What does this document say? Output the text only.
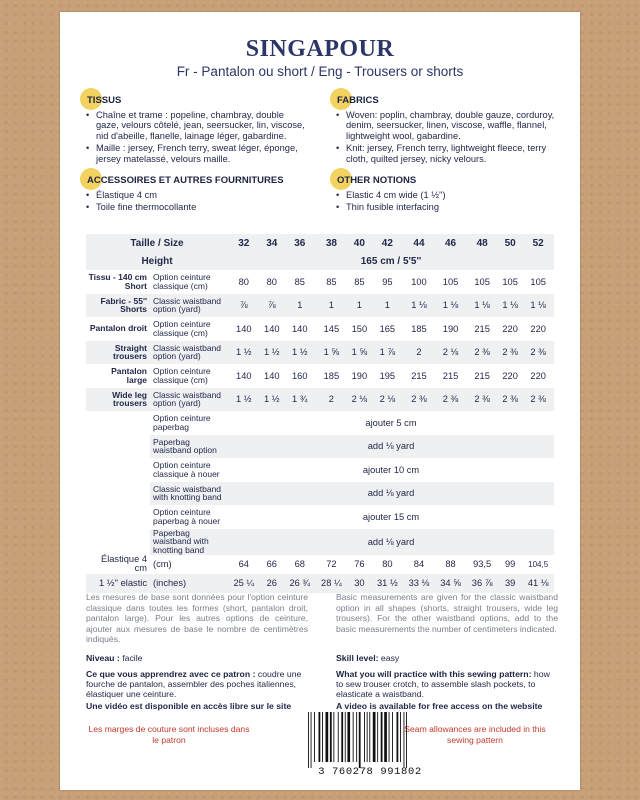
SINGAPOUR
Fr - Pantalon ou short / Eng - Trousers or shorts
TISSUS
• Chaîne et trame : popeline, chambray, double gaze, velours côtelé, jean, seersucker, lin, viscose, nid d'abeille, flanelle, lainage léger, gabardine.
• Maille : jersey, French terry, sweat léger, éponge, jersey matelassé, velours maille.
FABRICS
• Woven: poplin, chambray, double gauze, corduroy, denim, seersucker, linen, viscose, waffle, flannel, lightweight wool, gabardine.
• Knit: jersey, French terry, lightweight fleece, terry cloth, quilted jersey, nicky velours.
ACCESSOIRES ET AUTRES FOURNITURES
• Élastique 4 cm
• Toile fine thermocollante
OTHER NOTIONS
• Elastic 4 cm wide (1 ½'')
• Thin fusible interfacing
Taille / Size		32	34	36	38	40	42	44	46	48	50	52
Height		165 cm / 5'5''										
Tissu - 140 cm
Short	Option ceinture classique (cm)	80	80	85	85	85	95	100	105	105	105	105
Fabric - 55''
Shorts	Classic waistband option (yard)	⅞	⅞	1	1	1	1	1 ⅛	1 ⅛	1 ⅛	1 ⅛	1 ⅛
Pantalon droit	Option ceinture classique (cm)	140	140	140	145	150	165	185	190	215	220	220
Straight
trousers	Classic waistband option (yard)	1 ½	1 ½	1 ½	1 ⅝	1 ⅝	1 ⅞	2	2 ⅛	2 ⅜	2 ⅜	2 ⅜
Pantalon
large	Option ceinture classique (cm)	140	140	160	185	190	195	215	215	215	220	220
Wide leg
trousers	Classic waistband option (yard)	1 ½	1 ½	1 ¾	2	2 ⅛	2 ⅛	2 ⅜	2 ⅜	2 ⅜	2 ⅜	2 ⅜
	Option ceinture paperbag	ajouter 5 cm										
	Paperbag waistband option	add ⅛ yard										
	Option ceinture classique à nouer	ajouter 10 cm										
	Classic waistband with knotting band	add ⅛ yard										
	Option ceinture paperbag à nouer	ajouter 15 cm										
	Paperbag waistband with knotting band	add ⅛ yard										
Élastique 4 cm	(cm)	64	66	68	72	76	80	84	88	93,5	99	104,5
1 ½'' elastic	(inches)	25 ¼	26	26 ¾	28 ¼	30	31 ½	33 ⅛	34 ⅝	36 ⅞	39	41 ⅛
Les mesures de base sont données pour l'option ceinture classique dans toutes les formes (short, pantalon droit, pantalon large). Pour les autres options de ceinture, ajouter aux mesures de base le nombre de centimètres indiqués.
Basic measurements are given for the classic waistband option in all shapes (shorts, straight trousers, wide leg trousers). For the other waistband options, add to the basic measurements the number of centimeters indicated.
Niveau : facile	Skill level: easy
Ce que vous apprendrez avec ce patron : coudre une fourche de pantalon, assembler des poches italiennes, élastiquer une ceinture.
What you will practice with this sewing pattern: how to sew trouser crotch, to assemble slash pockets, to elasticate a waistband.
Une vidéo est disponible en accès libre sur le site	A video is available for free access on the website
Les marges de couture sont incluses dans le patron
Seam allowances are included in this sewing pattern
3 760278 991802
